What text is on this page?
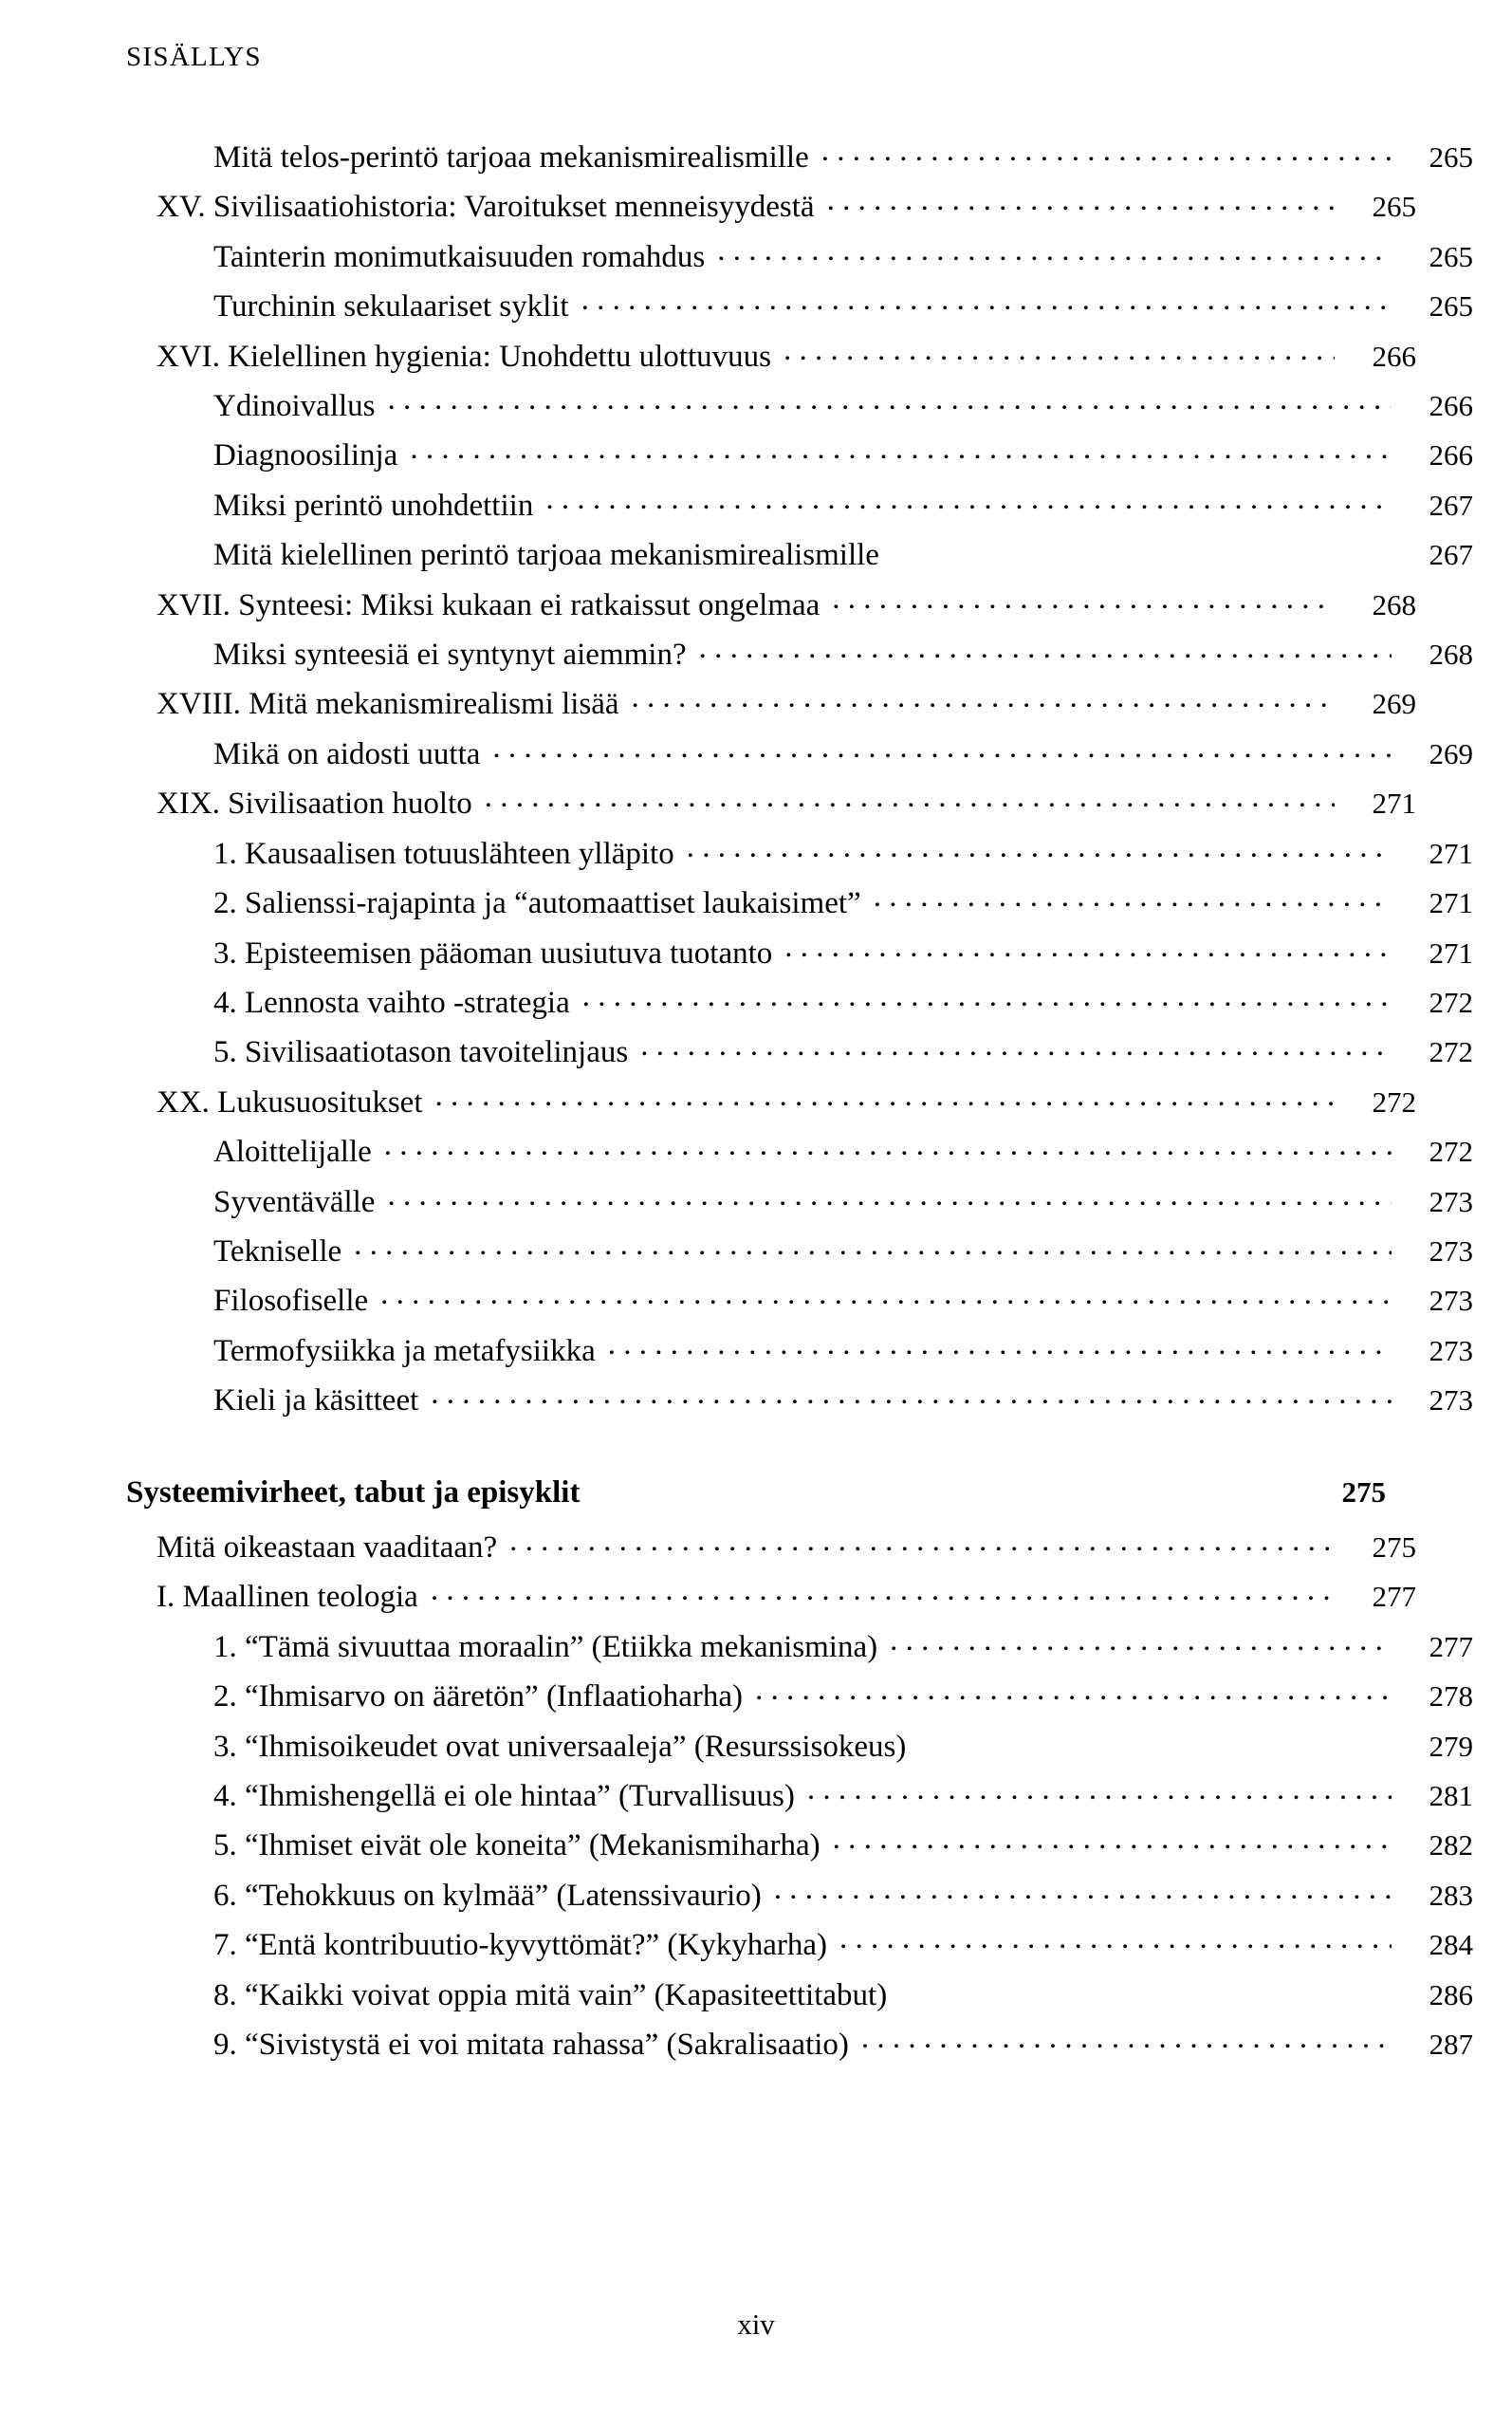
SISÄLLYS
Mitä telos-perintö tarjoaa mekanismirealismille . . .	265
XV. Sivilisaatiohistoria: Varoitukset menneisyydestä . . .	265
Tainterin monimutkaisuuden romahdus . . .	265
Turchinin sekulaariset syklit . . .	265
XVI. Kielellinen hygienia: Unohdettu ulottuvuus . . .	266
Ydinoivallus . . .	266
Diagnoosilinja . . .	266
Miksi perintö unohdettiin . . .	267
Mitä kielellinen perintö tarjoaa mekanismirealismille	267
XVII. Synteesi: Miksi kukaan ei ratkaissut ongelmaa . . .	268
Miksi synteesiä ei syntynyt aiemmin? . . .	268
XVIII. Mitä mekanismirealismi lisää . . .	269
Mikä on aidosti uutta . . .	269
XIX. Sivilisaation huolto . . .	271
1. Kausaalisen totuuslähteen ylläpito . . .	271
2. Salienssi-rajapinta ja “automaattiset laukaisimet” . . .	271
3. Episteemisen pääoman uusiutuva tuotanto . . .	271
4. Lennosta vaihto -strategia . . .	272
5. Sivilisaatiotason tavoitelinjaus . . .	272
XX. Lukusuositukset . . .	272
Aloittelijalle . . .	272
Syventävälle . . .	273
Tekniselle . . .	273
Filosofiselle . . .	273
Termofysiikka ja metafysiikka . . .	273
Kieli ja käsitteet . . .	273
Systeemivirheet, tabut ja episyklit	275
Mitä oikeastaan vaaditaan? . . .	275
I. Maallinen teologia . . .	277
1. “Tämä sivuuttaa moraalin” (Etiikka mekanismina) . . .	277
2. “Ihmisarvo on ääretön” (Inflaatioharha) . . .	278
3. “Ihmisoikeudet ovat universaaleja” (Resurssisokeus)	279
4. “Ihmishengellä ei ole hintaa” (Turvallisuus) . . .	281
5. “Ihmiset eivät ole koneita” (Mekanismiharha) . . .	282
6. “Tehokkuus on kylmää” (Latenssivaurio) . . .	283
7. “Entä kontribuutio-kyvyttömät?” (Kykyharha) . . .	284
8. “Kaikki voivat oppia mitä vain” (Kapasiteettitabut)	286
9. “Sivistystä ei voi mitata rahassa” (Sakralisaatio) . . .	287
xiv
